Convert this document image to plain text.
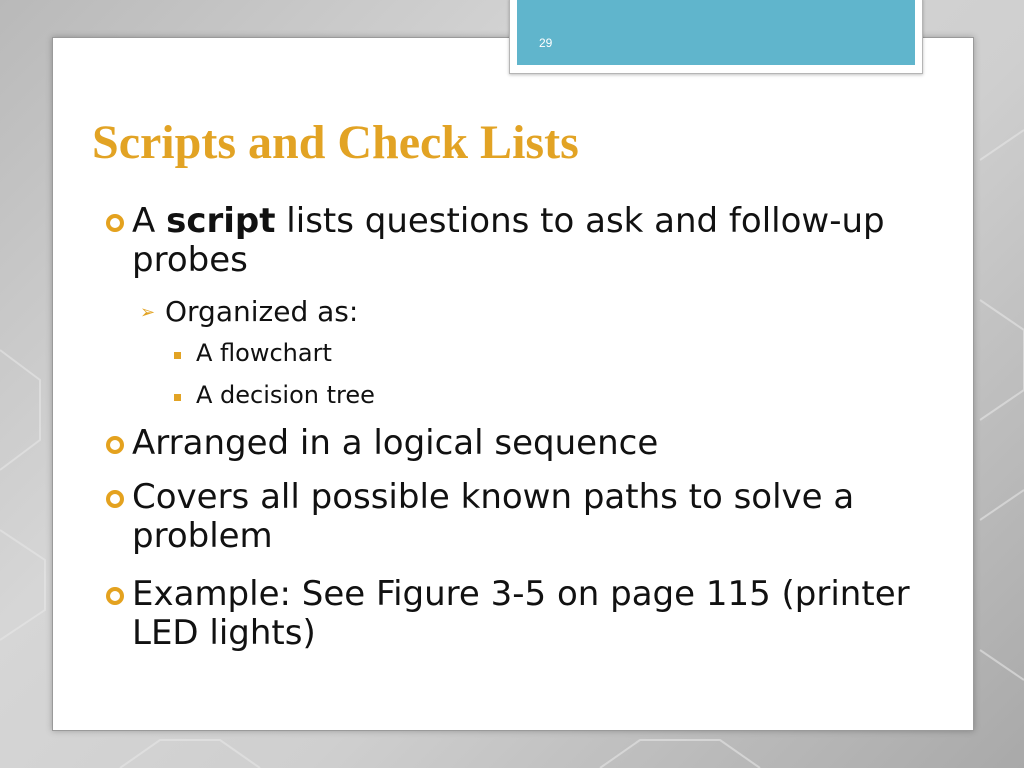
29
Scripts and Check Lists
A script lists questions to ask and follow-up probes
➢ Organized as:
A flowchart
A decision tree
Arranged in a logical sequence
Covers all possible known paths to solve a problem
Example: See Figure 3-5 on page 115 (printer LED lights)
